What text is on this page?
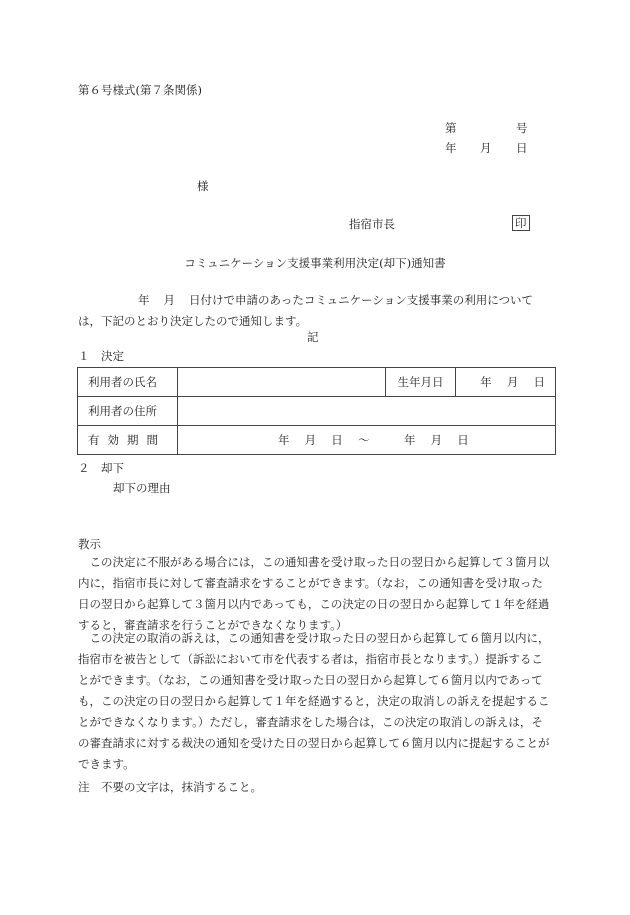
第６号様式(第７条関係)
第	号
年 月 日
様
指宿市長	印
コミュニケーション支援事業利用決定(却下)通知書
年 月 日付けで申請のあったコミュニケーション支援事業の利用については，下記のとおり決定したので通知します。
記
１　決定
利用者の氏名		生年月日	年　 月　 日
利用者の住所			
有効期間	年　 月　 日　 ～　　　年　 月　 日		
２　却下
却下の理由
教示
この決定に不服がある場合には，この通知書を受け取った日の翌日から起算して３箇月以内に，指宿市長に対して審査請求をすることができます。（なお，この通知書を受け取った日の翌日から起算して３箇月以内であっても，この決定の日の翌日から起算して１年を経過すると，審査請求を行うことができなくなります。）
この決定の取消の訴えは，この通知書を受け取った日の翌日から起算して６箇月以内に，指宿市を被告として（訴訟において市を代表する者は，指宿市長となります。）提訴することができます。（なお，この通知書を受け取った日の翌日から起算して６箇月以内であっても，この決定の日の翌日から起算して１年を経過すると，決定の取消しの訴えを提起することができなくなります。）ただし，審査請求をした場合は，この決定の取消しの訴えは，その審査請求に対する裁決の通知を受けた日の翌日から起算して６箇月以内に提起することができます。
注　不要の文字は，抹消すること。
